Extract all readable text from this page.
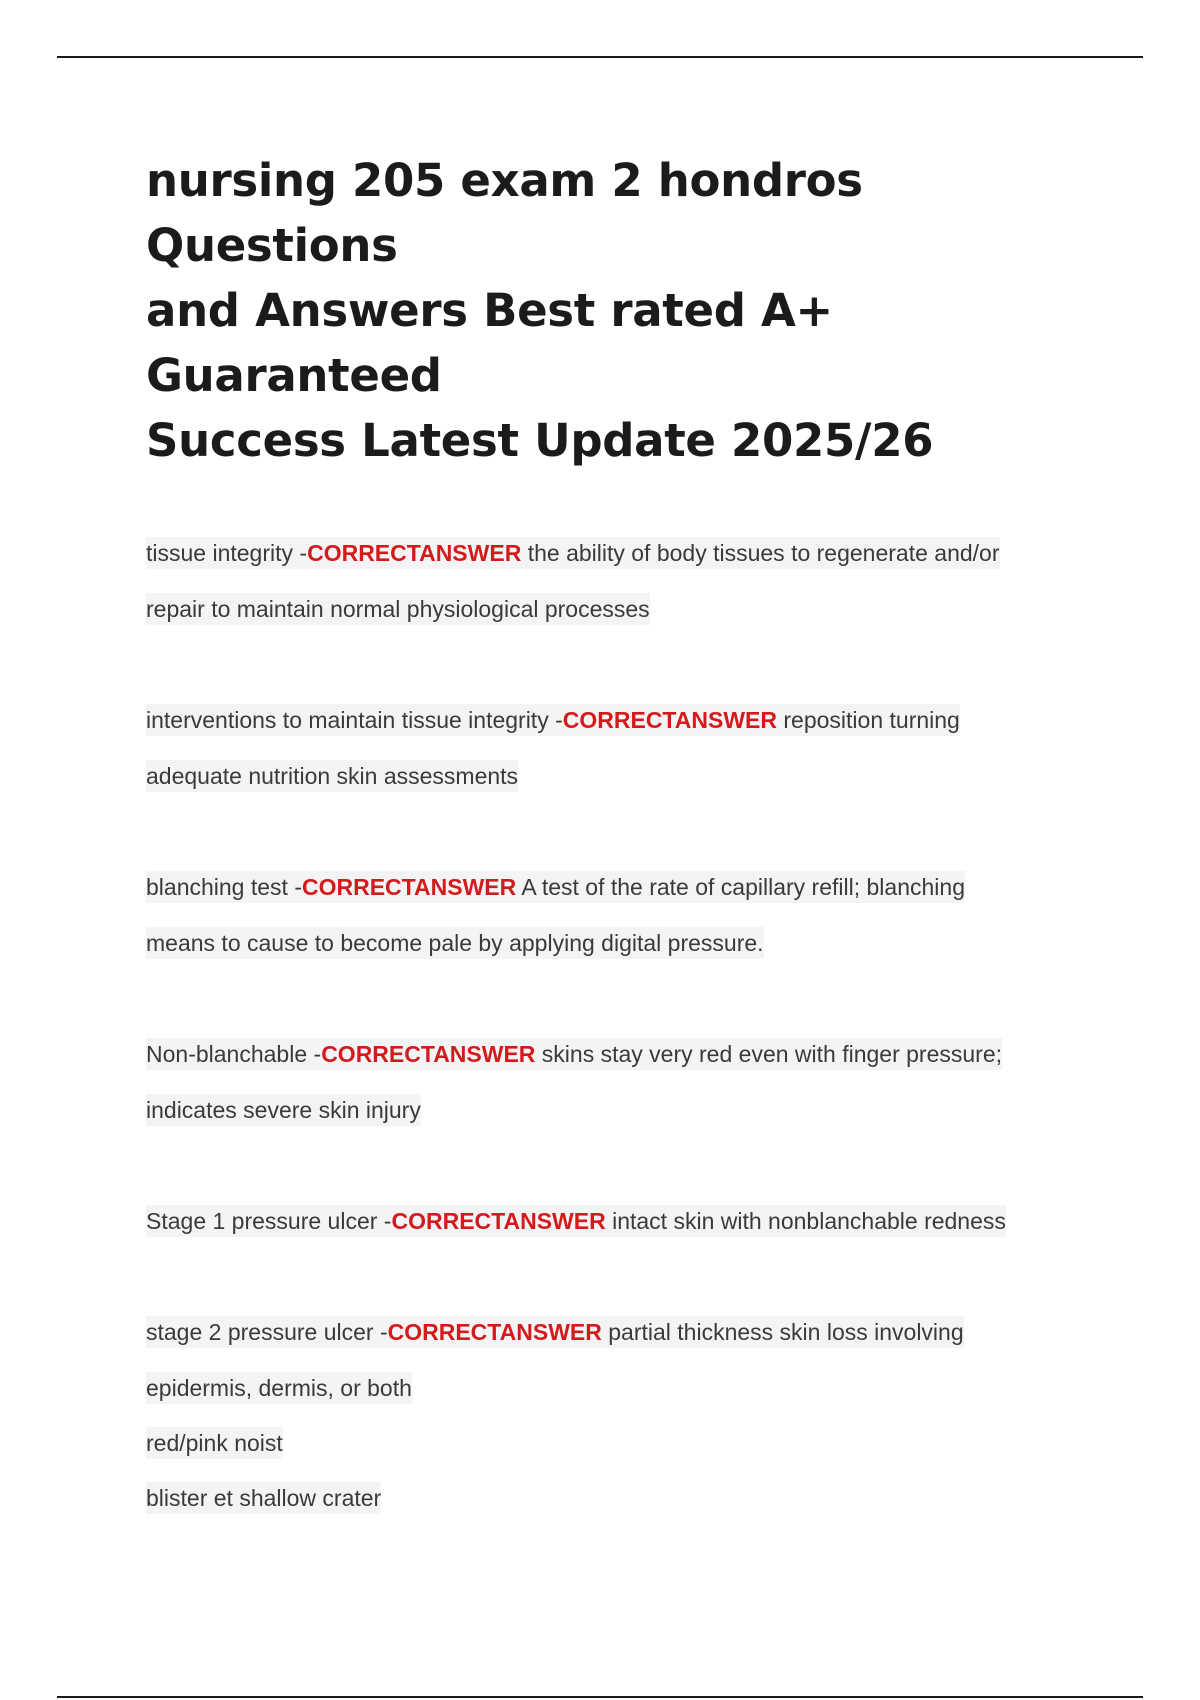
nursing 205 exam 2 hondros Questions
and Answers Best rated A+ Guaranteed
Success Latest Update 2025/26
tissue integrity -CORRECTANSWER the ability of body tissues to regenerate and/or
repair to maintain normal physiological processes
interventions to maintain tissue integrity -CORRECTANSWER reposition turning
adequate nutrition skin assessments
blanching test -CORRECTANSWER A test of the rate of capillary refill; blanching
means to cause to become pale by applying digital pressure.
Non-blanchable -CORRECTANSWER skins stay very red even with finger pressure;
indicates severe skin injury
Stage 1 pressure ulcer -CORRECTANSWER intact skin with nonblanchable redness
stage 2 pressure ulcer -CORRECTANSWER partial thickness skin loss involving
epidermis, dermis, or both
red/pink noist
blister et shallow crater
